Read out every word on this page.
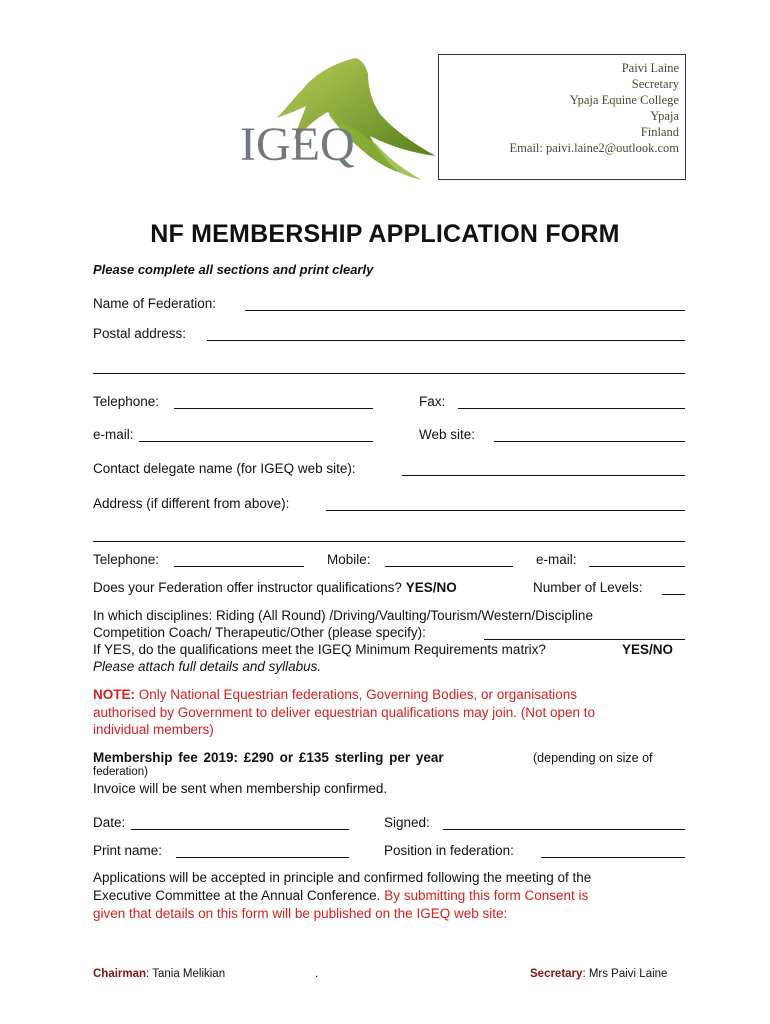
IGEQ
Paivi Laine
Secretary
Ypaja Equine College
Ypaja
Finland
Email: paivi.laine2@outlook.com
NF MEMBERSHIP APPLICATION FORM
Please complete all sections and print clearly
Name of Federation:
Postal address:
Telephone:	Fax:
e-mail:	Web site:
Contact delegate name (for IGEQ web site):
Address (if different from above):
Telephone:	Mobile:	e-mail:
Does your Federation offer instructor qualifications? YES/NO	Number of Levels:
In which disciplines: Riding (All Round) /Driving/Vaulting/Tourism/Western/Discipline
Competition Coach/ Therapeutic/Other (please specify):
If YES, do the qualifications meet the IGEQ Minimum Requirements matrix?	YES/NO
Please attach full details and syllabus.
NOTE: Only National Equestrian federations, Governing Bodies, or organisations
authorised by Government to deliver equestrian qualifications may join. (Not open to
individual members)
Membership fee 2019: £290 or £135 sterling per year	(depending on size of
federation)
Invoice will be sent when membership confirmed.
Date:	Signed:
Print name:	Position in federation:
Applications will be accepted in principle and confirmed following the meeting of the
Executive Committee at the Annual Conference. By submitting this form Consent is
given that details on this form will be published on the IGEQ web site:
Chairman: Tania Melikian	.	Secretary: Mrs Paivi Laine
